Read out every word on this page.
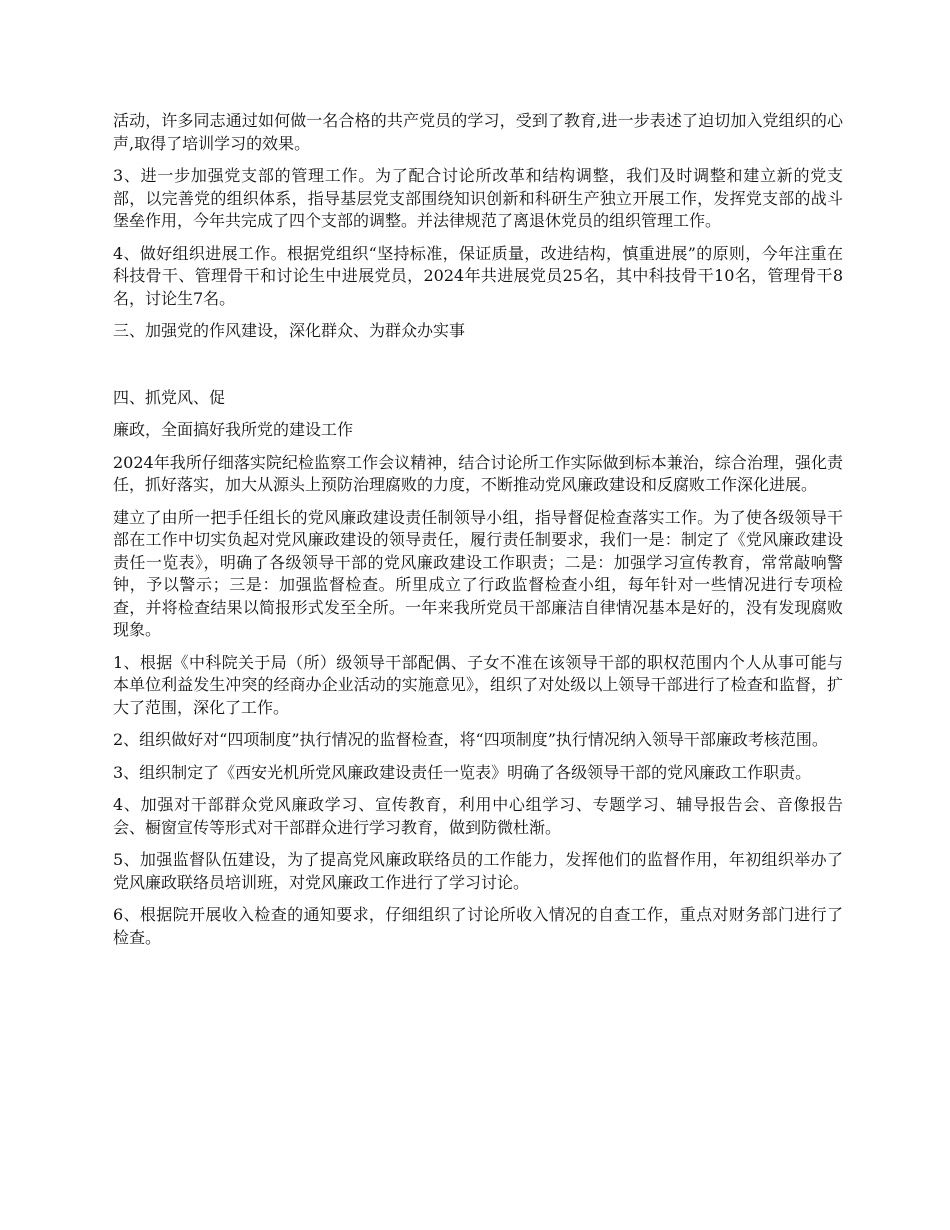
活动，许多同志通过如何做一名合格的共产党员的学习，受到了教育,进一步表述了迫切加入党组织的心声,取得了培训学习的效果。

3、进一步加强党支部的管理工作。为了配合讨论所改革和结构调整，我们及时调整和建立新的党支部，以完善党的组织体系，指导基层党支部围绕知识创新和科研生产独立开展工作，发挥党支部的战斗堡垒作用，今年共完成了四个支部的调整。并法律规范了离退休党员的组织管理工作。

4、做好组织进展工作。根据党组织“坚持标准，保证质量，改进结构，慎重进展”的原则，今年注重在科技骨干、管理骨干和讨论生中进展党员，2024年共进展党员25名，其中科技骨干10名，管理骨干8名，讨论生7名。

三、加强党的作风建设，深化群众、为群众办实事

四、抓党风、促

廉政，全面搞好我所党的建设工作

2024年我所仔细落实院纪检监察工作会议精神，结合讨论所工作实际做到标本兼治，综合治理，强化责任，抓好落实，加大从源头上预防治理腐败的力度，不断推动党风廉政建设和反腐败工作深化进展。

建立了由所一把手任组长的党风廉政建设责任制领导小组，指导督促检查落实工作。为了使各级领导干部在工作中切实负起对党风廉政建设的领导责任，履行责任制要求，我们一是：制定了《党风廉政建设责任一览表》，明确了各级领导干部的党风廉政建设工作职责；二是：加强学习宣传教育，常常敲响警钟，予以警示；三是：加强监督检查。所里成立了行政监督检查小组，每年针对一些情况进行专项检查，并将检查结果以简报形式发至全所。一年来我所党员干部廉洁自律情况基本是好的，没有发现腐败现象。

1、根据《中科院关于局（所）级领导干部配偶、子女不准在该领导干部的职权范围内个人从事可能与本单位利益发生冲突的经商办企业活动的实施意见》，组织了对处级以上领导干部进行了检查和监督，扩大了范围，深化了工作。

2、组织做好对“四项制度”执行情况的监督检查，将“四项制度”执行情况纳入领导干部廉政考核范围。

3、组织制定了《西安光机所党风廉政建设责任一览表》明确了各级领导干部的党风廉政工作职责。

4、加强对干部群众党风廉政学习、宣传教育，利用中心组学习、专题学习、辅导报告会、音像报告会、橱窗宣传等形式对干部群众进行学习教育，做到防微杜渐。

5、加强监督队伍建设，为了提高党风廉政联络员的工作能力，发挥他们的监督作用，年初组织举办了党风廉政联络员培训班，对党风廉政工作进行了学习讨论。

6、根据院开展收入检查的通知要求，仔细组织了讨论所收入情况的自查工作，重点对财务部门进行了检查。
